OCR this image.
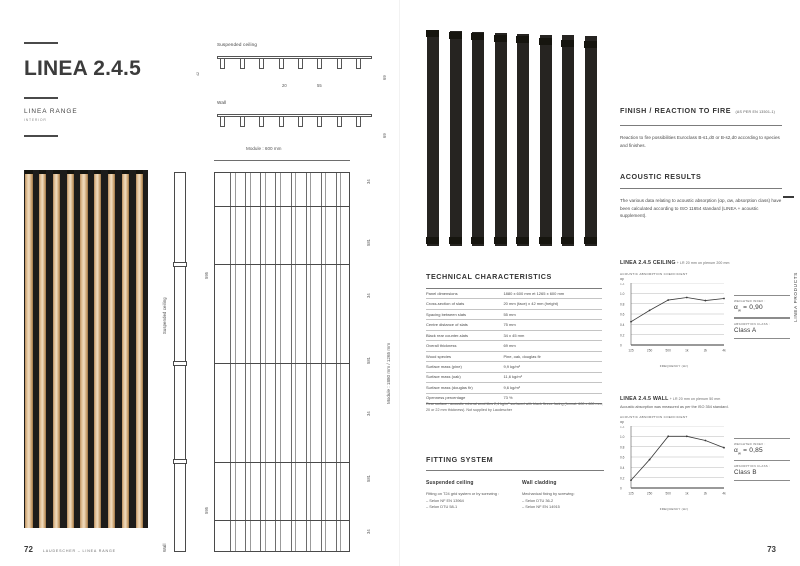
LINEA 2.4.5
LINEA RANGE
INTERIOR
Suspended ceiling
69
42
20	55
Wall
69
Module : 600 mm
Suspended ceiling
Wall
595
595
Module : 1880 mm / 1265 mm
34
581
34
581
34
581
34
TECHNICAL CHARACTERISTICS
Panel dimensions	1880 x 600 mm et 1265 x 600 mm
Cross-section of slats	20 mm (face) x 42 mm (height)
Spacing between slats	55 mm
Centre distance of slats	75 mm
Black rear counter-slats	34 x 45 mm
Overall thickness	69 mm
Wood species	Pine, oak, douglas fir
Surface mass (pine)	9,9 kg/m²
Surface mass (oak)	11,6 kg/m²
Surface mass (douglas fir)	9,6 kg/m²
Openness percentage	73 %
Rear surface : acoustic mineral wool tiles 2,4 kg/m² surfaced with black fleece facing (format: 600 x 600 mm; 20 or 22 mm thickness). Not supplied by Laudescher
FITTING SYSTEM
Suspended ceiling
Fitting on T24 grid system or by screwing :
– Selon NF EN 13964
– Selon DTU 58-1
Wall cladding
Mechanical fixing by screwing:
– Selon DTU 36-2
– Selon NF EN 14915
FINISH / REACTION TO FIRE (AS PER EN 13501-1)
Reaction to fire possibilities Euroclass B-s1,d0 or B-s2,d0 according to species and finishes.
ACOUSTIC RESULTS
The various data relating to acoustic absorption (αp, αw, absorption class) have been calculated according to ISO 11654 standard (LINEA + acoustic supplement).
LINEA 2.4.5 CEILING + LR 20 mm on plenum 200 mm
ACOUSTIC ABSORPTION COEFFICIENT
αp
0
0.2
0.4
0.6
0.8
1.0
1.2
125	250	500	1k	2k	4k
FREQUENCY (Hz)
WEIGHTED INDEX :
$\alpha_w = 0,90$
ABSORPTION CLASS :
Class A
LINEA 2.4.5 WALL + LR 20 mm on plenum 50 mm
Acoustic absorption was measured as per the ISO 354 standard.
ACOUSTIC ABSORPTION COEFFICIENT
αp
0
0.2
0.4
0.6
0.8
1.0
1.2
125	250	500	1k	2k	4k
FREQUENCY (Hz)
WEIGHTED INDEX :
$\alpha_w = 0,85$
ABSORPTION CLASS :
Class B
LINEA PRODUCTS
72	LAUDESCHER – LINEA RANGE	73
